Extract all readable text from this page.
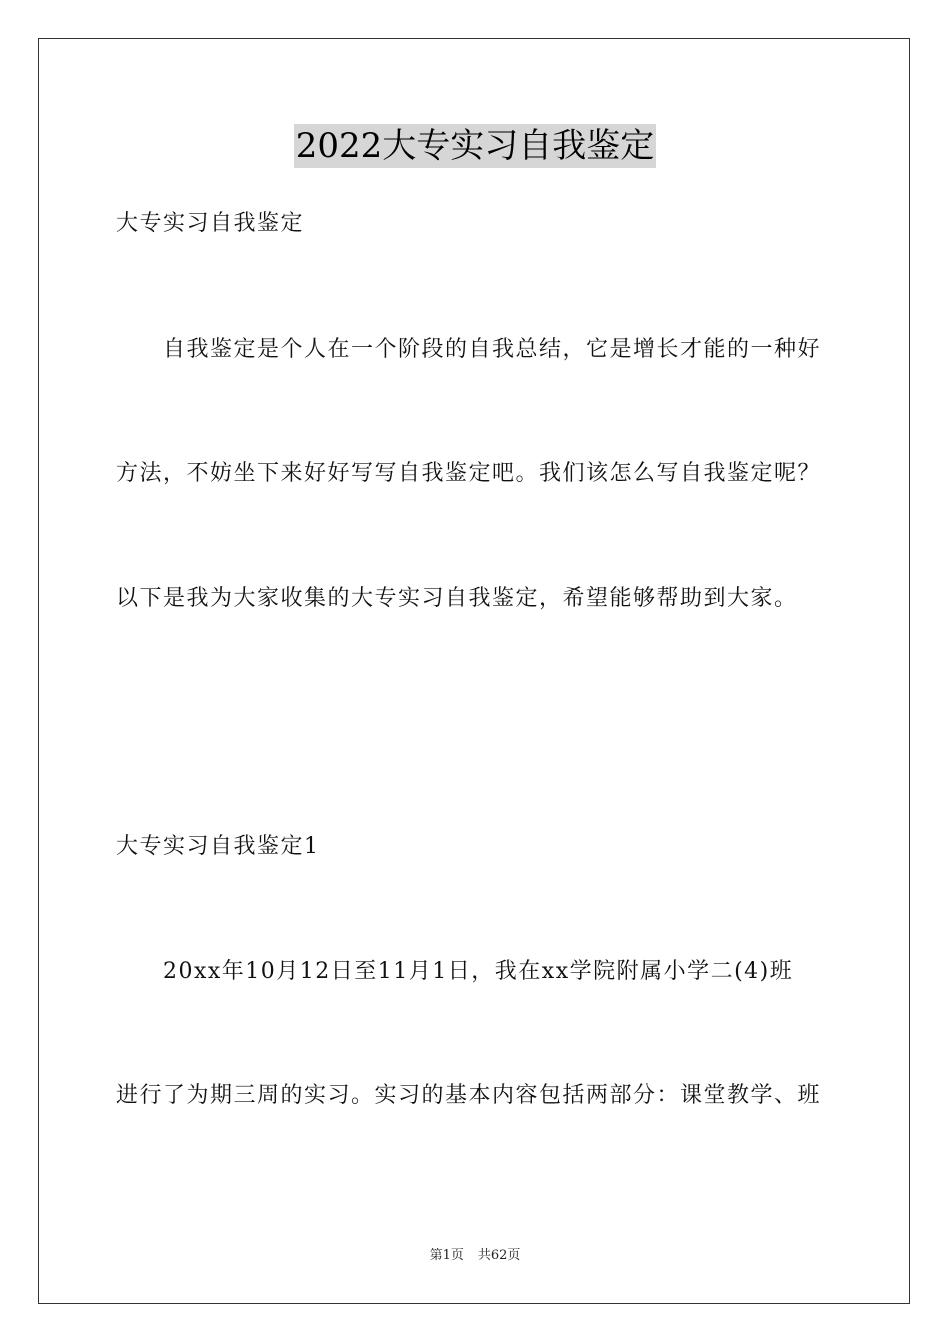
2022大专实习自我鉴定
大专实习自我鉴定
自我鉴定是个人在一个阶段的自我总结，它是增长才能的一种好
方法，不妨坐下来好好写写自我鉴定吧。我们该怎么写自我鉴定呢？
以下是我为大家收集的大专实习自我鉴定，希望能够帮助到大家。
大专实习自我鉴定1
20xx年10月12日至11月1日，我在xx学院附属小学二(4)班
进行了为期三周的实习。实习的基本内容包括两部分：课堂教学、班
第1页 共62页
